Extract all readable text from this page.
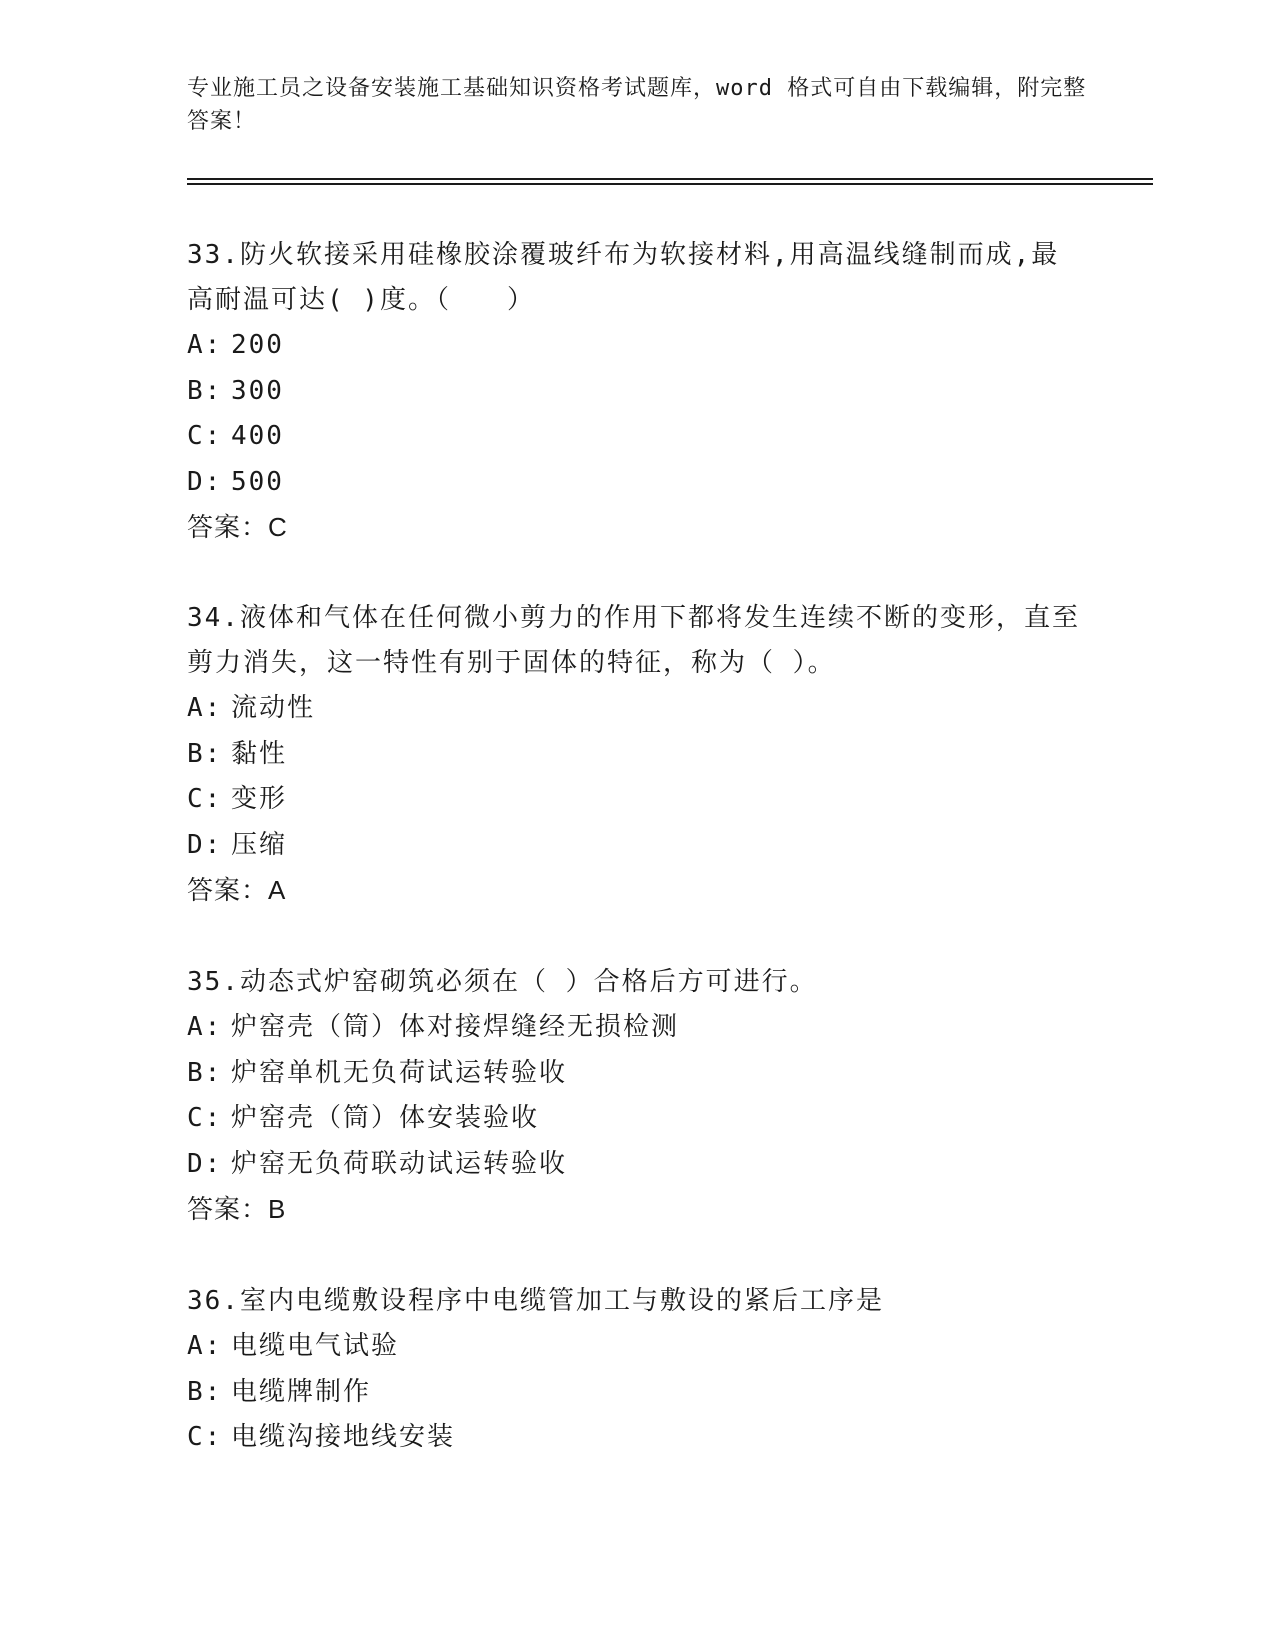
专业施工员之设备安装施工基础知识资格考试题库，word 格式可自由下载编辑，附完整答案！

33.防火软接采用硅橡胶涂覆玻纤布为软接材料,用高温线缝制而成,最高耐温可达( )度。（　　）

A: 200

B: 300

C: 400

D: 500

答案：C

34.液体和气体在任何微小剪力的作用下都将发生连续不断的变形，直至剪力消失，这一特性有别于固体的特征，称为（ ）。

A: 流动性

B: 黏性

C: 变形

D: 压缩

答案：A

35.动态式炉窑砌筑必须在（ ）合格后方可进行。

A: 炉窑壳（筒）体对接焊缝经无损检测

B: 炉窑单机无负荷试运转验收

C: 炉窑壳（筒）体安装验收

D: 炉窑无负荷联动试运转验收

答案：B

36.室内电缆敷设程序中电缆管加工与敷设的紧后工序是

A: 电缆电气试验

B: 电缆牌制作

C: 电缆沟接地线安装
